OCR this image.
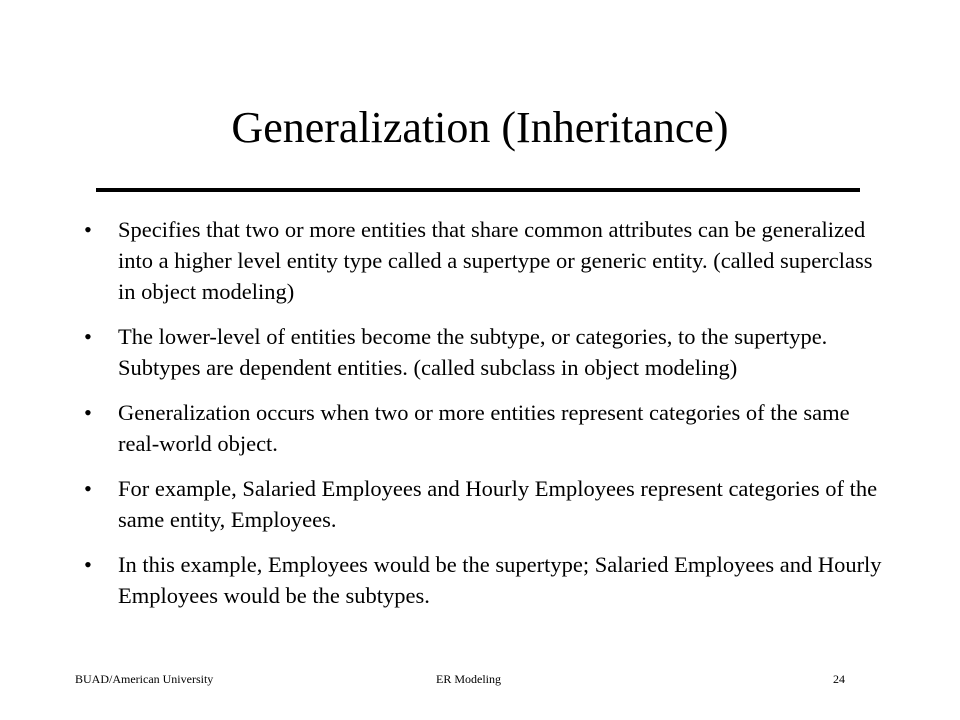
Generalization (Inheritance)
•	Specifies that two or more entities that share common attributes can be generalized into a higher level entity type called a supertype or generic entity. (called superclass in object modeling)
•	The lower-level of entities become the subtype, or categories, to the supertype. Subtypes are dependent entities. (called subclass in object modeling)
•	Generalization occurs when two or more entities represent categories of the same real-world object.
•	For example, Salaried Employees and Hourly Employees represent categories of the same entity, Employees.
•	In this example, Employees would be the supertype; Salaried Employees and Hourly Employees would be the subtypes.
BUAD/American University	ER Modeling	24
